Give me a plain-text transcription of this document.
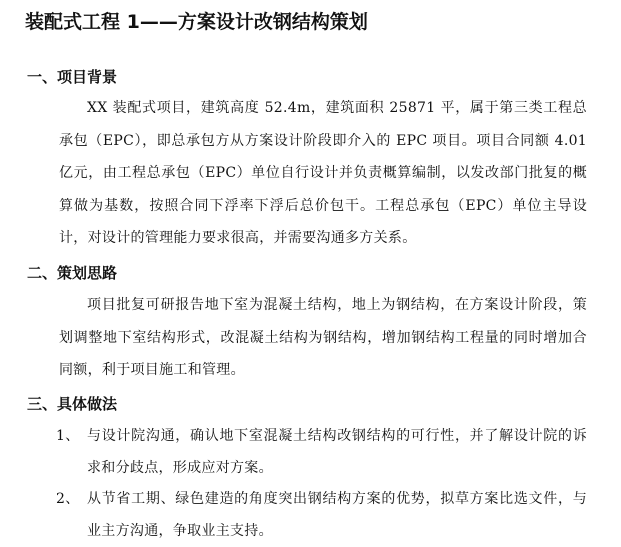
装配式工程 1——方案设计改钢结构策划
一、项目背景

XX 装配式项目，建筑高度 52.4m，建筑面积 25871 平，属于第三类工程总承包（EPC），即总承包方从方案设计阶段即介入的 EPC 项目。项目合同额 4.01 亿元，由工程总承包（EPC）单位自行设计并负责概算编制，以发改部门批复的概算做为基数，按照合同下浮率下浮后总价包干。工程总承包（EPC）单位主导设计，对设计的管理能力要求很高，并需要沟通多方关系。

二、策划思路

项目批复可研报告地下室为混凝土结构，地上为钢结构，在方案设计阶段，策划调整地下室结构形式，改混凝土结构为钢结构，增加钢结构工程量的同时增加合同额，利于项目施工和管理。

三、具体做法
1、 与设计院沟通，确认地下室混凝土结构改钢结构的可行性，并了解设计院的诉求和分歧点，形成应对方案。
2、 从节省工期、绿色建造的角度突出钢结构方案的优势，拟草方案比选文件，与业主方沟通，争取业主支持。
